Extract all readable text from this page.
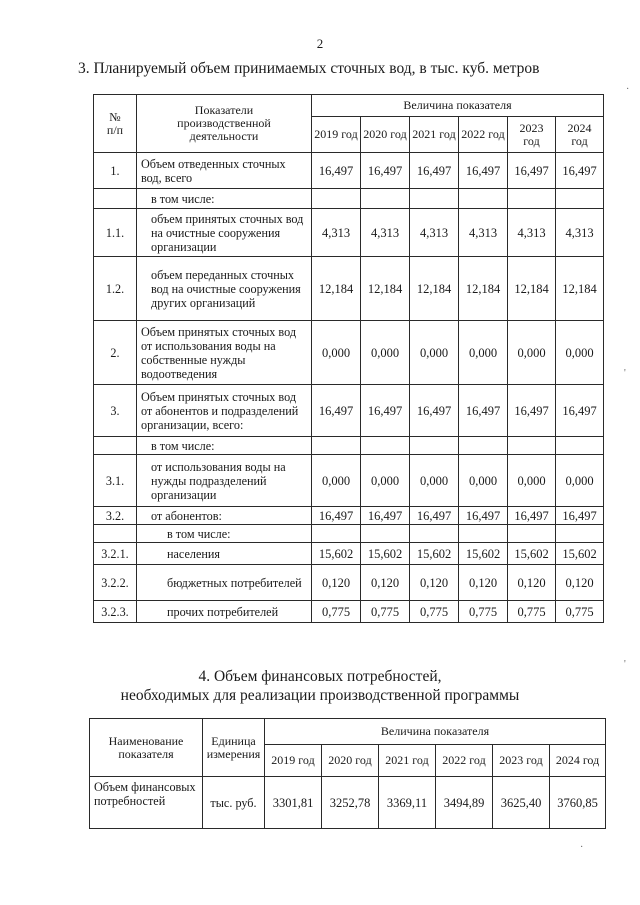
2
3. Планируемый объем принимаемых сточных вод, в тыс. куб. метров
№
п/п	Показатели производственной деятельности	Величина показателя					
		2019 год	2020 год	2021 год	2022 год	2023 год	2024 год
1.	Объем отведенных сточных вод, всего	16,497	16,497	16,497	16,497	16,497	16,497
	в том числе:						
1.1.	объем принятых сточных вод на очистные сооружения организации	4,313	4,313	4,313	4,313	4,313	4,313
1.2.	объем переданных сточных вод на очистные сооружения других организаций	12,184	12,184	12,184	12,184	12,184	12,184
2.	Объем принятых сточных вод от использования воды на собственные нужды водоотведения	0,000	0,000	0,000	0,000	0,000	0,000
3.	Объем принятых сточных вод от абонентов и подразделений организации, всего:	16,497	16,497	16,497	16,497	16,497	16,497
	в том числе:						
3.1.	от использования воды на нужды подразделений организации	0,000	0,000	0,000	0,000	0,000	0,000
3.2.	от абонентов:	16,497	16,497	16,497	16,497	16,497	16,497
	в том числе:						
3.2.1.	населения	15,602	15,602	15,602	15,602	15,602	15,602
3.2.2.	бюджетных потребителей	0,120	0,120	0,120	0,120	0,120	0,120
3.2.3.	прочих потребителей	0,775	0,775	0,775	0,775	0,775	0,775
4. Объем финансовых потребностей,
необходимых для реализации производственной программы
Наименование показателя	Единица измерения	Величина показателя					
		2019 год	2020 год	2021 год	2022 год	2023 год	2024 год
Объем финансовых потребностей	тыс. руб.	3301,81	3252,78	3369,11	3494,89	3625,40	3760,85
·
'
'
·
